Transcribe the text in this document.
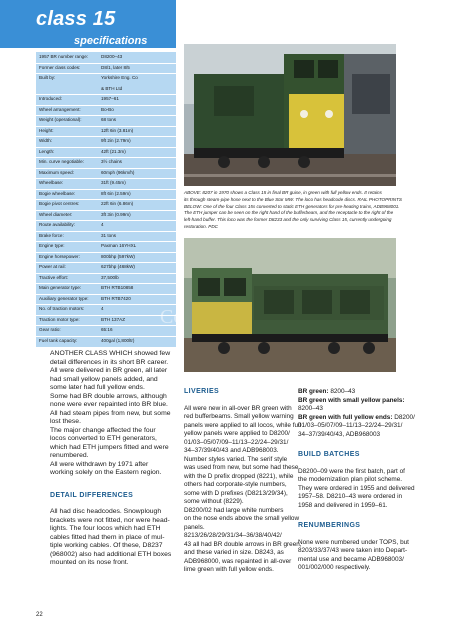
class 15
specifications
1957 BR number range:	D8200–43
Former class codes:	D8/1, later 8/5
Built by:	Yorkshire Eng. Co
& BTH Ltd
Introduced:	1957–61
Wheel arrangement:	Bo-Bo
Weight (operational):	68 tons
Height:	12ft 6in (3.81m)
Width:	9ft 2in (2.79m)
Length:	42ft (21.3m)
Min. curve negotiable:	3½ chains
Maximum speed:	60mph (96km/h)
Wheelbase:	31ft (9.45m)
Bogie wheelbase:	8ft 6in (2.59m)
Bogie pivot centres:	22ft 6in (6.86m)
Wheel diameter:	3ft 3in (0.99m)
Route availability:	4
Brake force:	31 tons
Engine type:	Paxman 16YHXL
Engine horsepower:	800bhp (597kW)
Power at rail:	627bhp (468kW)
Tractive effort:	37,500lb
Main generator type:	BTH RTB10858
Auxiliary generator type:	BTH RTB7420
No. of traction motors:	4
Traction motor type:	BTH 137AZ
Gear ratio:	65:16
Fuel tank capacity:	400gal (1,800ltr)
ABOVE: 8207 in 1970 shows a Class 15 in final BR guise, in green with full yellow ends. It retains
its through steam-pipe hose next to the Blue Star MW. The loco has headcode discs. RAIL PHOTOPRINTS
BELOW: One of the four Class 15s converted to static ETH generators for pre-heating trains, ADB968001.
The ETH jumper can be seen on the right hand of the bufferbeam, and the receptacle to the right of the
left-hand buffer. This loco was the former D8233 and the only surviving Class 15, currently undergoing
restoration. PDC
Co
ANOTHER CLASS WHICH showed few
detail differences in its short BR career.
All were delivered in BR green, all later
had small yellow panels added, and
some later had full yellow ends.
Some had BR double arrows, although
none were ever repainted into BR blue.
All had steam pipes from new, but some
lost these.
The major change affected the four
locos converted to ETH generators,
which had ETH jumpers fitted and were
renumbered.
All were withdrawn by 1971 after
working solely on the Eastern region.
DETAIL DIFFERENCES
All had disc headcodes. Snowplough
brackets were not fitted, nor were head-
lights. The four locos which had ETH
cables fitted had them in place of mul-
tiple working cables. Of these, D8237
(968002) also had additional ETH boxes
mounted on its nose front.
LIVERIES
All were new in all-over BR green with
red bufferbeams. Small yellow warning
panels were applied to all locos, while full
yellow panels were applied to D8200/
01/03–05/07/09–11/13–22/24–29/31/
34–37/39/40/43 and ADB968003.
Number styles varied. The serif style
was used from new, but some had these
with the D prefix dropped (8221), while
others had corporate-style numbers,
some with D prefixes (D8213/29/34),
some without (8229).
D8200/02 had large white numbers
on the nose ends above the small yellow
panels.
8213/26/28/29/31/34–36/38/40/42/
43 all had BR double arrows in BR green,
and these varied in size. D8243, as
ADB968000, was repainted in all-over
lime green with full yellow ends.
BR green: 8200–43
BR green with small yellow panels:
8200–43
BR green with full yellow ends: D8200/
01/03–05/07/09–11/13–22/24–29/31/
34–37/39/40/43, ADB968003
BUILD BATCHES
D8200–09 were the first batch, part of
the modernization plan pilot scheme.
They were ordered in 1955 and delivered
1957–58. D8210–43 were ordered in
1958 and delivered in 1959–61.
RENUMBERINGS
None were numbered under TOPS, but
8203/33/37/43 were taken into Depart-
mental use and became ADB968003/
001/002/000 respectively.
22
